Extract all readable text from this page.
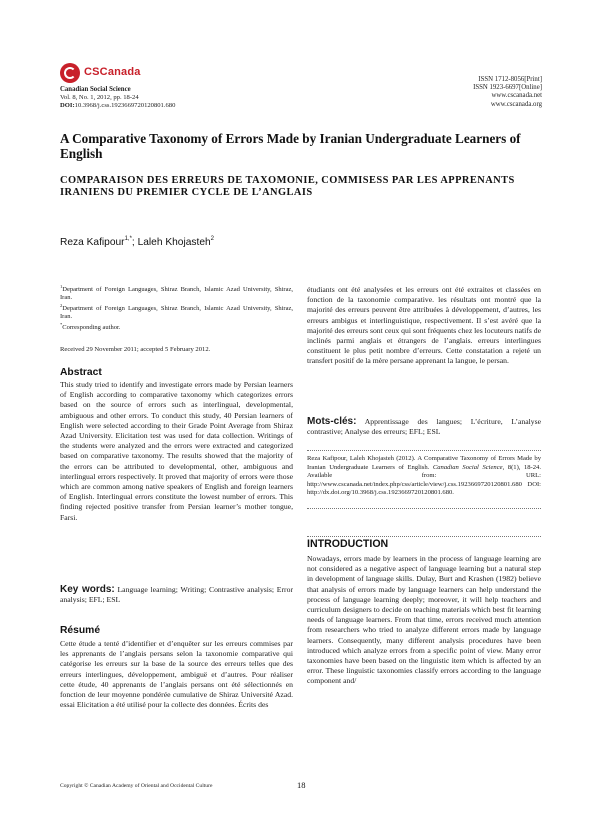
CSCanada
Canadian Social Science
Vol. 8, No. 1, 2012, pp. 18-24
DOI:10.3968/j.css.1923669720120801.680
ISSN 1712-8056[Print]
ISSN 1923-6697[Online]
www.cscanada.net
www.cscanada.org
A Comparative Taxonomy of Errors Made by Iranian Undergraduate Learners of English
COMPARAISON DES ERREURS DE TAXOMONIE, COMMISESS PAR LES APPRENANTS IRANIENS DU PREMIER CYCLE DE L’ANGLAIS
Reza Kafipour$^{1,*}$; Laleh Khojasteh$^2$
$^1$Department of Foreign Languages, Shiraz Branch, Islamic Azad University, Shiraz, Iran.
$^2$Department of Foreign Languages, Shiraz Branch, Islamic Azad University, Shiraz, Iran.
*Corresponding author.
Received 29 November 2011; accepted 5 February 2012.
Abstract
This study tried to identify and investigate errors made by Persian learners of English according to comparative taxonomy which categorizes errors based on the source of errors such as interlingual, developmental, ambiguous and other errors. To conduct this study, 40 Persian learners of English were selected according to their Grade Point Average from Shiraz Azad University. Elicitation test was used for data collection. Writings of the students were analyzed and the errors were extracted and categorized based on comparative taxonomy. The results showed that the majority of the errors can be attributed to developmental, other, ambiguous and interlingual errors respectively. It proved that majority of errors were those which are common among native speakers of English and foreign learners of English. Interlingual errors constitute the lowest number of errors. This finding rejected positive transfer from Persian learner’s mother tongue, Farsi.
Key words: Language learning; Writing; Contrastive analysis; Error analysis; EFL; ESL
Résumé
Cette étude a tenté d’identifier et d’enquêter sur les erreurs commises par les apprenants de l’anglais persans selon la taxonomie comparative qui catégorise les erreurs sur la base de la source des erreurs telles que des erreurs interlingues, développement, ambiguë et d’autres. Pour réaliser cette étude, 40 apprenants de l’anglais persans ont été sélectionnés en fonction de leur moyenne pondérée cumulative de Shiraz Université Azad. essai Elicitation a été utilisé pour la collecte des données. Écrits des
étudiants ont été analysées et les erreurs ont été extraites et classées en fonction de la taxonomie comparative. les résultats ont montré que la majorité des erreurs peuvent être attribuées à développement, d’autres, les erreurs ambigus et interlinguistique, respectivement. Il s’est avéré que la majorité des erreurs sont ceux qui sont fréquents chez les locuteurs natifs de inclinés parmi anglais et étrangers de l’anglais. erreurs interlingues constituent le plus petit nombre d’erreurs. Cette constatation a rejeté un transfert positif de la mère persane apprenant la langue, le persan.
Mots-clés: Apprentissage des langues; L’écriture, L’analyse contrastive; Analyse des erreurs; EFL; ESL
Reza Kafipour, Laleh Khojasteh (2012). A Comparative Taxonomy of Errors Made by Iranian Undergraduate Learners of English. Canadian Social Science, 8(1), 18-24. Available from: URL: http://www.cscanada.net/index.php/css/article/view/j.css.1923669720120801.680 DOI: http://dx.doi.org/10.3968/j.css.1923669720120801.680.
INTRODUCTION
Nowadays, errors made by learners in the process of language learning are not considered as a negative aspect of language learning but a natural step in development of language skills. Dulay, Burt and Krashen (1982) believe that analysis of errors made by language learners can help understand the process of language learning deeply; moreover, it will help teachers and curriculum designers to decide on teaching materials which best fit learning needs of language learners. From that time, errors received much attention from researchers who tried to analyze different errors made by language learners. Consequently, many different analysis procedures have been introduced which analyze errors from a specific point of view. Many error taxonomies have been based on the linguistic item which is affected by an error. These linguistic taxonomies classify errors according to the language component and/
Copyright © Canadian Academy of Oriental and Occidental Culture	18
